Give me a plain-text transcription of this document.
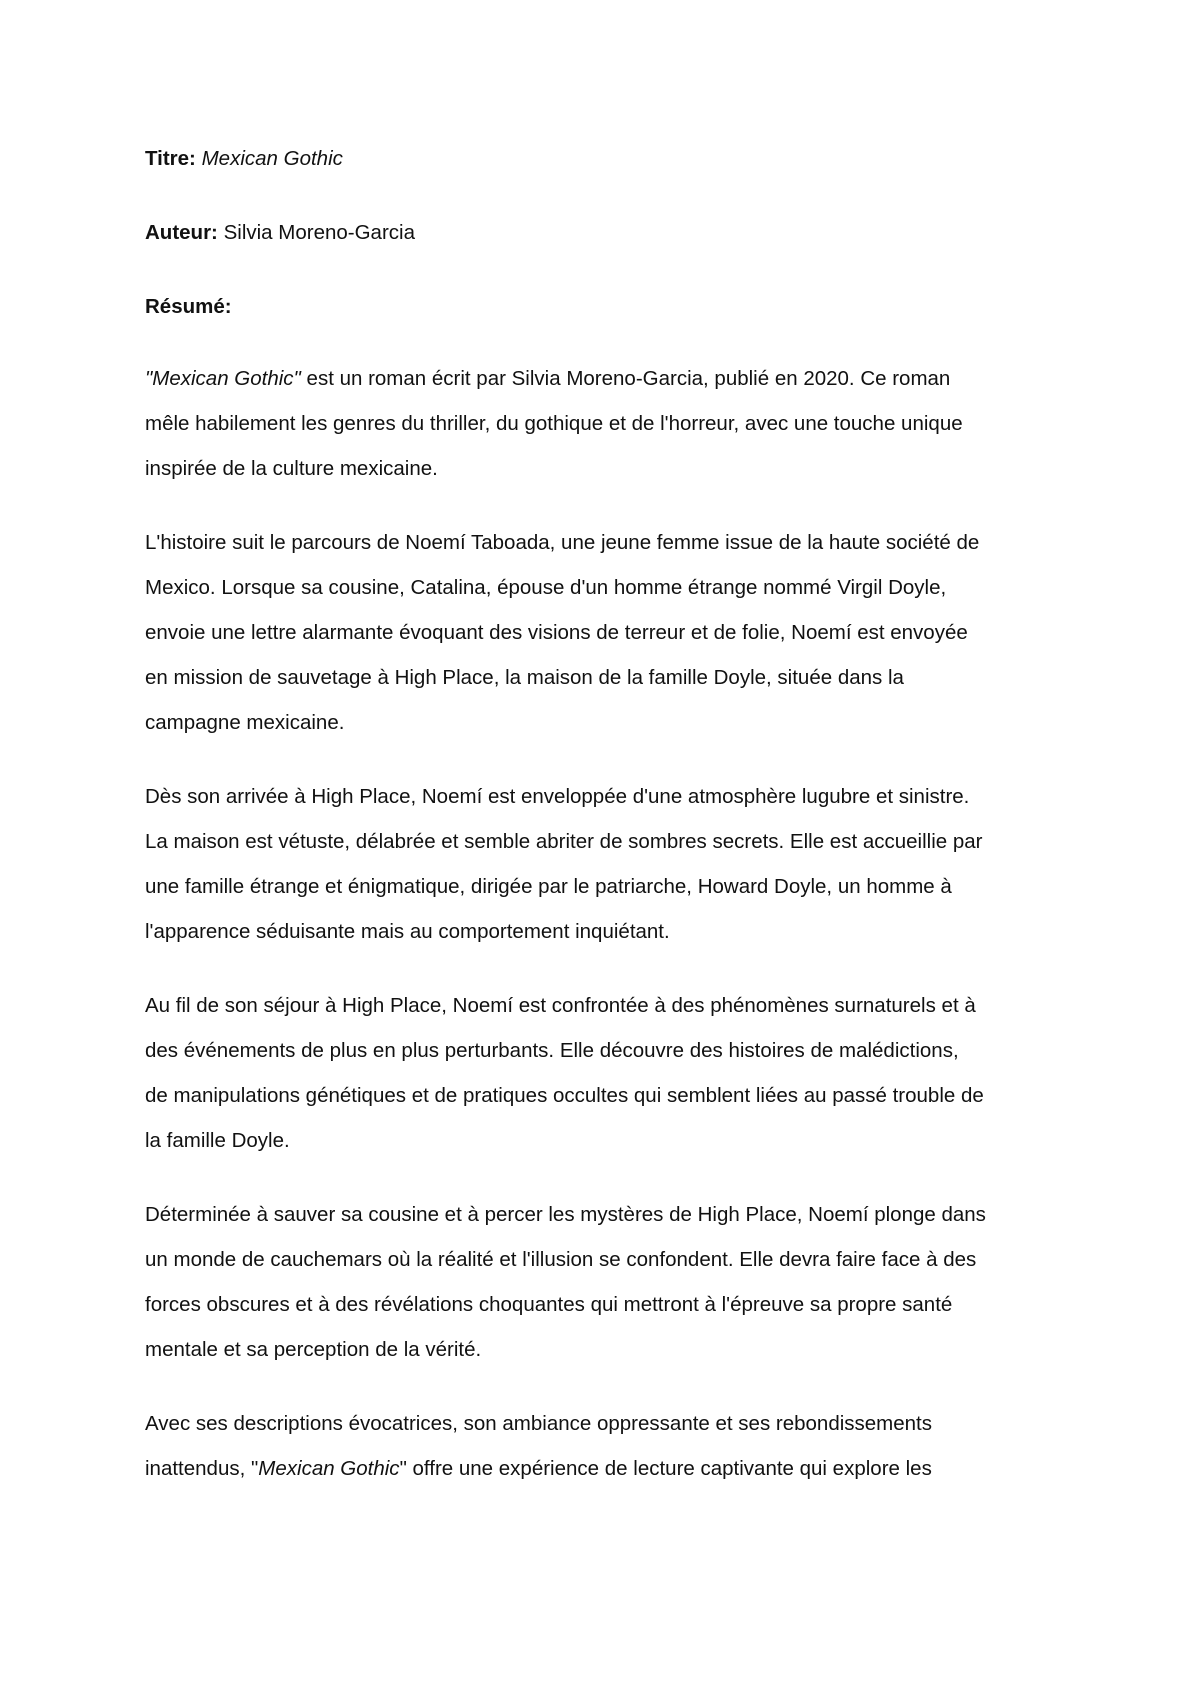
Titre: Mexican Gothic

Auteur: Silvia Moreno-Garcia

Résumé:

"Mexican Gothic" est un roman écrit par Silvia Moreno-Garcia, publié en 2020. Ce roman
mêle habilement les genres du thriller, du gothique et de l'horreur, avec une touche unique
inspirée de la culture mexicaine.

L'histoire suit le parcours de Noemí Taboada, une jeune femme issue de la haute société de
Mexico. Lorsque sa cousine, Catalina, épouse d'un homme étrange nommé Virgil Doyle,
envoie une lettre alarmante évoquant des visions de terreur et de folie, Noemí est envoyée
en mission de sauvetage à High Place, la maison de la famille Doyle, située dans la
campagne mexicaine.

Dès son arrivée à High Place, Noemí est enveloppée d'une atmosphère lugubre et sinistre.
La maison est vétuste, délabrée et semble abriter de sombres secrets. Elle est accueillie par
une famille étrange et énigmatique, dirigée par le patriarche, Howard Doyle, un homme à
l'apparence séduisante mais au comportement inquiétant.

Au fil de son séjour à High Place, Noemí est confrontée à des phénomènes surnaturels et à
des événements de plus en plus perturbants. Elle découvre des histoires de malédictions,
de manipulations génétiques et de pratiques occultes qui semblent liées au passé trouble de
la famille Doyle.

Déterminée à sauver sa cousine et à percer les mystères de High Place, Noemí plonge dans
un monde de cauchemars où la réalité et l'illusion se confondent. Elle devra faire face à des
forces obscures et à des révélations choquantes qui mettront à l'épreuve sa propre santé
mentale et sa perception de la vérité.

Avec ses descriptions évocatrices, son ambiance oppressante et ses rebondissements
inattendus, "Mexican Gothic" offre une expérience de lecture captivante qui explore les
